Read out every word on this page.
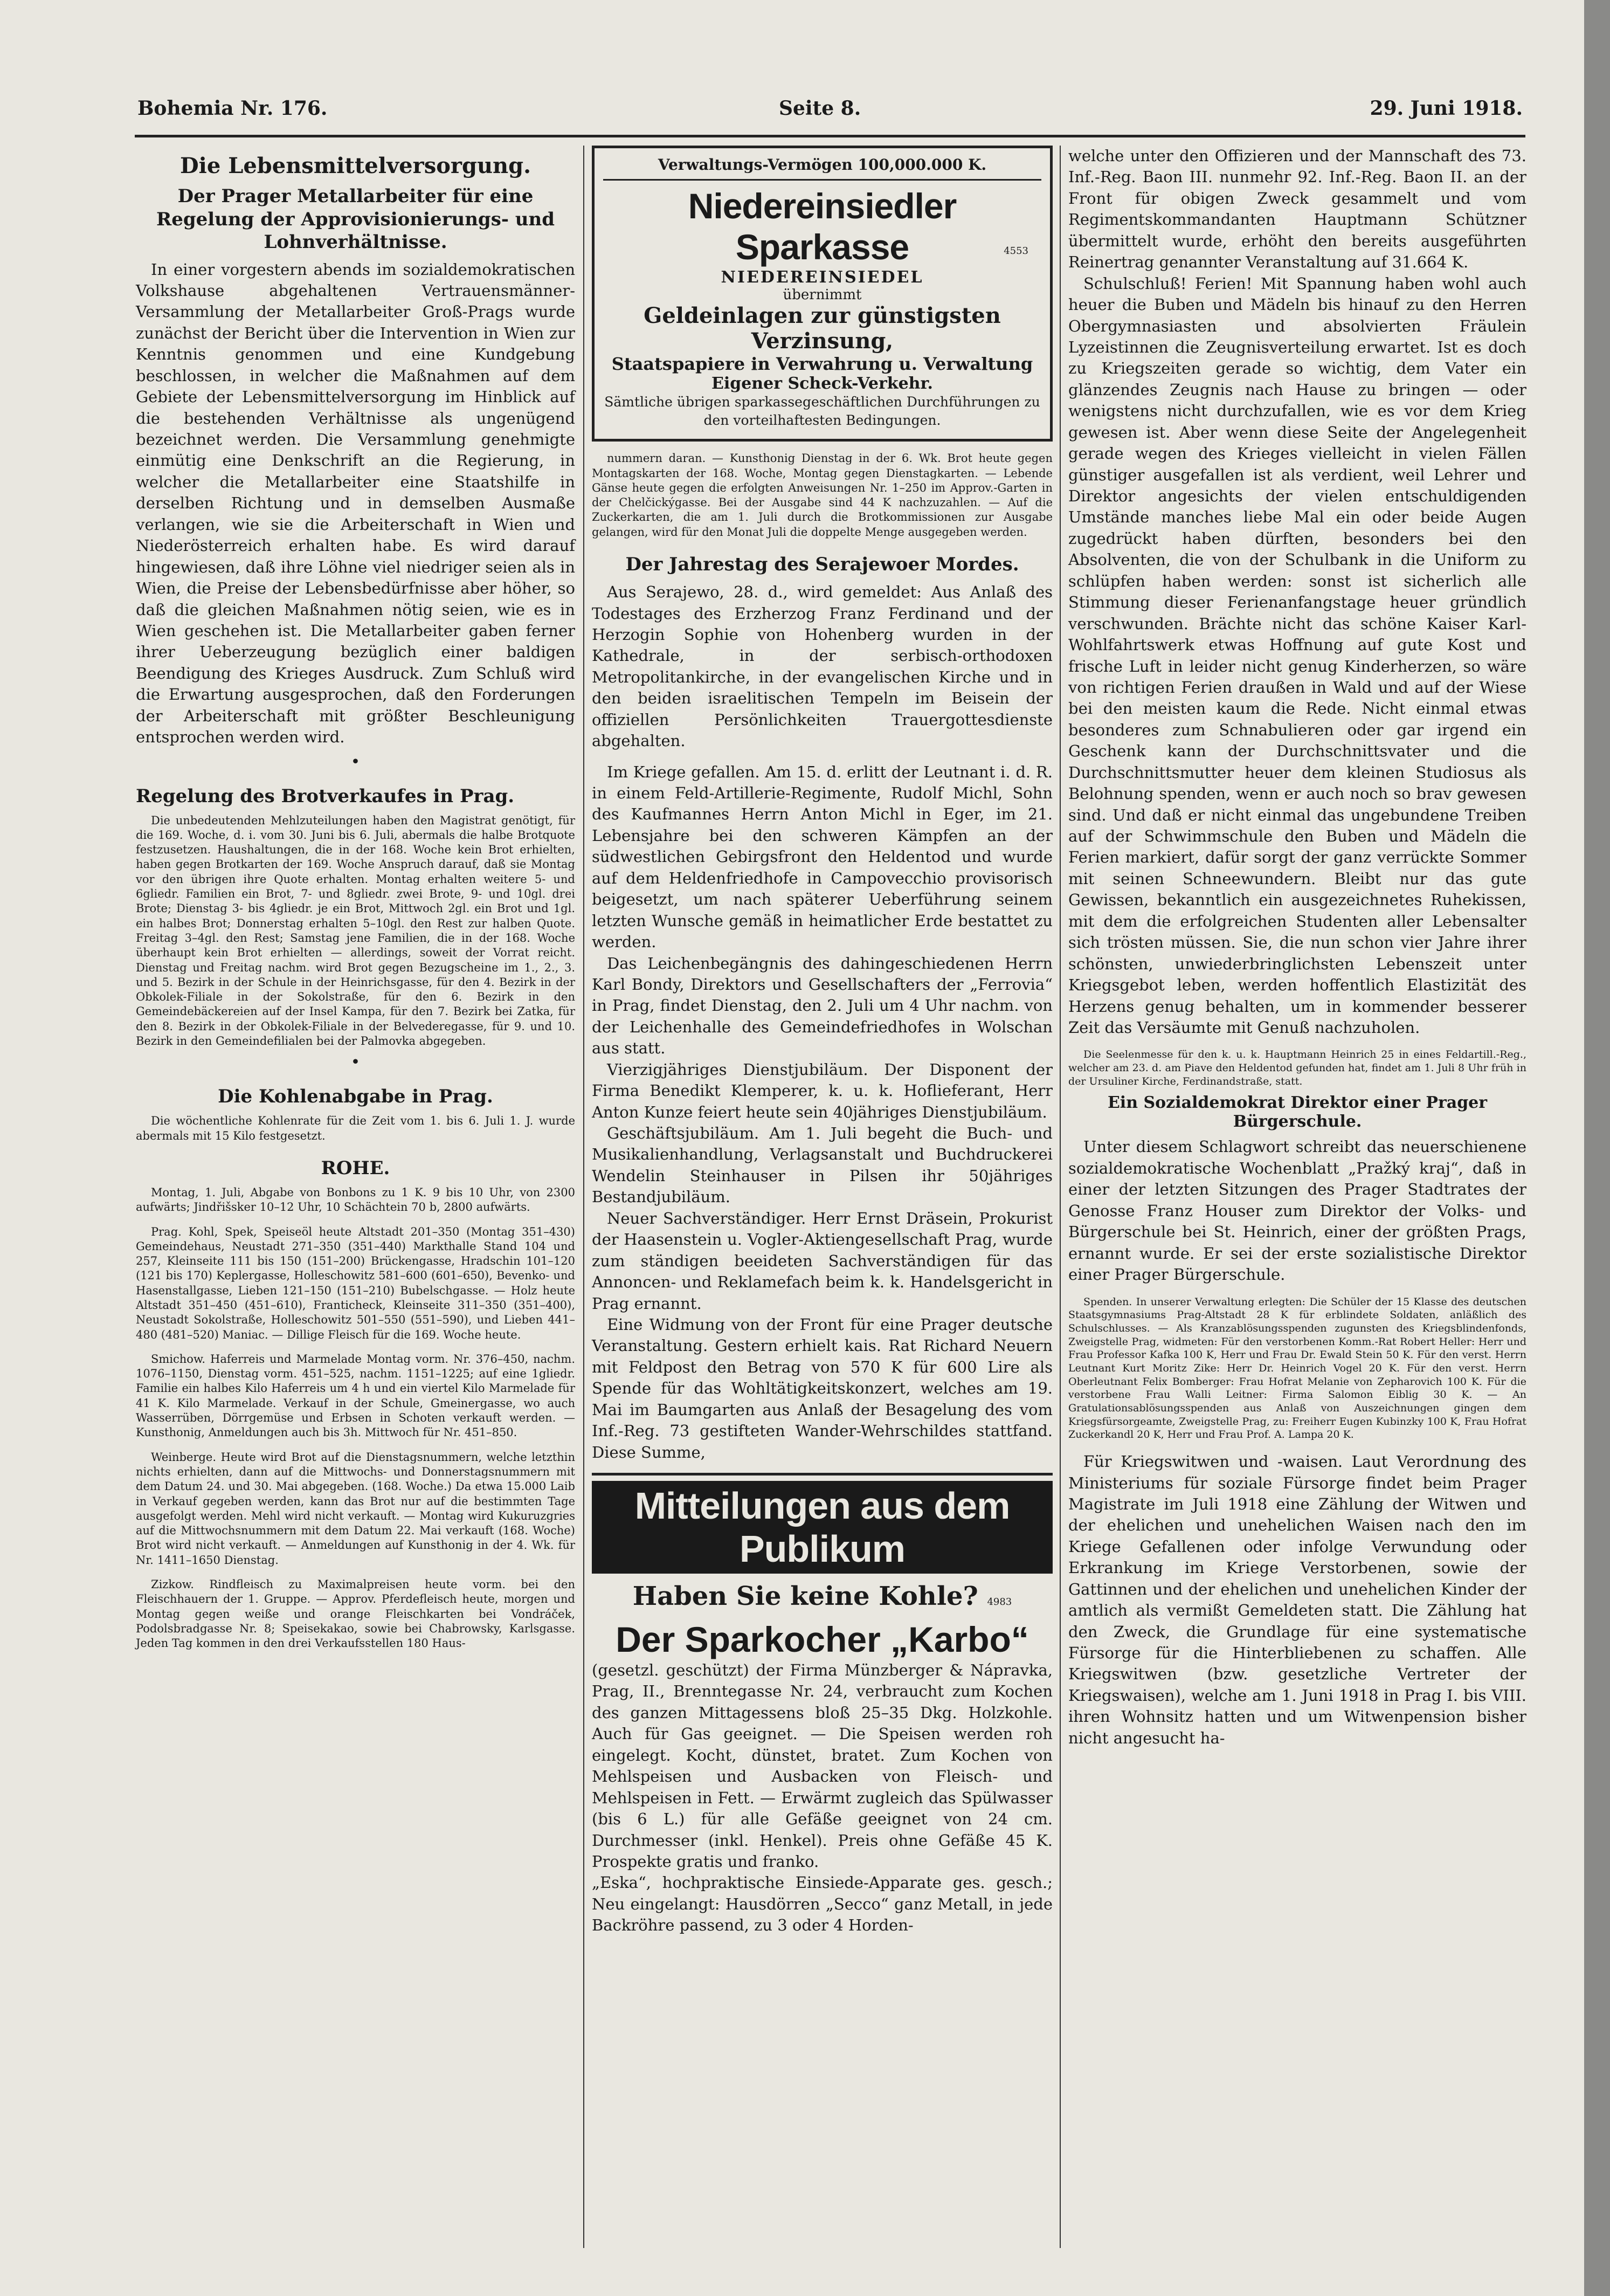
Bohemia Nr. 176.	Seite 8.	29. Juni 1918.
Die Lebensmittelversorgung.
Der Prager Metallarbeiter für eine Regelung der Approvisionierungs- und Lohnverhältnisse.

In einer vorgestern abends im sozialdemokratischen Volkshause abgehaltenen Vertrauensmänner-Versammlung der Metallarbeiter Groß-Prags wurde zunächst der Bericht über die Intervention in Wien zur Kenntnis genommen und eine Kundgebung beschlossen, in welcher die Maßnahmen auf dem Gebiete der Lebensmittelversorgung im Hinblick auf die bestehenden Verhältnisse als ungenügend bezeichnet werden. Die Versammlung genehmigte einmütig eine Denkschrift an die Regierung, in welcher die Metallarbeiter eine Staatshilfe in derselben Richtung und in demselben Ausmaße verlangen, wie sie die Arbeiterschaft in Wien und Niederösterreich erhalten habe. Es wird darauf hingewiesen, daß ihre Löhne viel niedriger seien als in Wien, die Preise der Lebensbedürfnisse aber höher, so daß die gleichen Maßnahmen nötig seien, wie es in Wien geschehen ist. Die Metallarbeiter gaben ferner ihrer Ueberzeugung bezüglich einer baldigen Beendigung des Krieges Ausdruck. Zum Schluß wird die Erwartung ausgesprochen, daß den Forderungen der Arbeiterschaft mit größter Beschleunigung entsprochen werden wird.

•
Regelung des Brotverkaufes in Prag.

Die unbedeutenden Mehlzuteilungen haben den Magistrat genötigt, für die 169. Woche, d. i. vom 30. Juni bis 6. Juli, abermals die halbe Brotquote festzusetzen. Haushaltungen, die in der 168. Woche kein Brot erhielten, haben gegen Brotkarten der 169. Woche Anspruch darauf, daß sie Montag vor den übrigen ihre Quote erhalten. Montag erhalten weitere 5- und 6gliedr. Familien ein Brot, 7- und 8gliedr. zwei Brote, 9- und 10gl. drei Brote; Dienstag 3- bis 4gliedr. je ein Brot, Mittwoch 2gl. ein Brot und 1gl. ein halbes Brot; Donnerstag erhalten 5–10gl. den Rest zur halben Quote. Freitag 3–4gl. den Rest; Samstag jene Familien, die in der 168. Woche überhaupt kein Brot erhielten — allerdings, soweit der Vorrat reicht. Dienstag und Freitag nachm. wird Brot gegen Bezugscheine im 1., 2., 3. und 5. Bezirk in der Schule in der Heinrichsgasse, für den 4. Bezirk in der Obkolek-Filiale in der Sokolstraße, für den 6. Bezirk in den Gemeindebäckereien auf der Insel Kampa, für den 7. Bezirk bei Zatka, für den 8. Bezirk in der Obkolek-Filiale in der Belvederegasse, für 9. und 10. Bezirk in den Gemeindefilialen bei der Palmovka abgegeben.

•
Die Kohlenabgabe in Prag.

Die wöchentliche Kohlenrate für die Zeit vom 1. bis 6. Juli 1. J. wurde abermals mit 15 Kilo festgesetzt.

ROHE.

Montag, 1. Juli, Abgabe von Bonbons zu 1 K. 9 bis 10 Uhr, von 2300 aufwärts; Jindřišsker 10–12 Uhr, 10 Schächtein 70 b, 2800 aufwärts.

Prag. Kohl, Spek, Speiseöl heute Altstadt 201–350 (Montag 351–430) Gemeindehaus, Neustadt 271–350 (351–440) Markthalle Stand 104 und 257, Kleinseite 111 bis 150 (151–200) Brückengasse, Hradschin 101–120 (121 bis 170) Keplergasse, Holleschowitz 581–600 (601–650), Bevenko- und Hasenstallgasse, Lieben 121–150 (151–210) Bubelschgasse. — Holz heute Altstadt 351–450 (451–610), Franticheck, Kleinseite 311–350 (351–400), Neustadt Sokolstraße, Holleschowitz 501–550 (551–590), und Lieben 441–480 (481–520) Maniac. — Dillige Fleisch für die 169. Woche heute.

Smichow. Haferreis und Marmelade Montag vorm. Nr. 376–450, nachm. 1076–1150, Dienstag vorm. 451–525, nachm. 1151–1225; auf eine 1gliedr. Familie ein halbes Kilo Haferreis um 4 h und ein viertel Kilo Marmelade für 41 K. Kilo Marmelade. Verkauf in der Schule, Gmeinergasse, wo auch Wasserrüben, Dörrgemüse und Erbsen in Schoten verkauft werden. — Kunsthonig, Anmeldungen auch bis 3h. Mittwoch für Nr. 451–850.

Weinberge. Heute wird Brot auf die Dienstagsnummern, welche letzthin nichts erhielten, dann auf die Mittwochs- und Donnerstagsnummern mit dem Datum 24. und 30. Mai abgegeben. (168. Woche.) Da etwa 15.000 Laib in Verkauf gegeben werden, kann das Brot nur auf die bestimmten Tage ausgefolgt werden. Mehl wird nicht verkauft. — Montag wird Kukuruzgries auf die Mittwochsnummern mit dem Datum 22. Mai verkauft (168. Woche) Brot wird nicht verkauft. — Anmeldungen auf Kunsthonig in der 4. Wk. für Nr. 1411–1650 Dienstag.

Zizkow. Rindfleisch zu Maximalpreisen heute vorm. bei den Fleischhauern der 1. Gruppe. — Approv. Pferdefleisch heute, morgen und Montag gegen weiße und orange Fleischkarten bei Vondráček, Podolsbradgasse Nr. 8; Speisekakao, sowie bei Chabrowsky, Karlsgasse. Jeden Tag kommen in den drei Verkaufsstellen 180 Haus-

Verwaltungs-Vermögen 100,000.000 K.
Niedereinsiedler Sparkasse
NIEDEREINSIEDEL
4553
übernimmt
Geldeinlagen zur günstigsten Verzinsung,
Staatspapiere in Verwahrung u. Verwaltung
Eigener Scheck-Verkehr.
Sämtliche übrigen sparkassegeschäftlichen Durchführungen zu den vorteilhaftesten Bedingungen.

nummern daran. — Kunsthonig Dienstag in der 6. Wk. Brot heute gegen Montagskarten der 168. Woche, Montag gegen Dienstagkarten. — Lebende Gänse heute gegen die erfolgten Anweisungen Nr. 1–250 im Approv.-Garten in der Chelčickýgasse. Bei der Ausgabe sind 44 K nachzuzahlen. — Auf die Zuckerkarten, die am 1. Juli durch die Brotkommissionen zur Ausgabe gelangen, wird für den Monat Juli die doppelte Menge ausgegeben werden.

Der Jahrestag des Serajewoer Mordes.

Aus Serajewo, 28. d., wird gemeldet: Aus Anlaß des Todestages des Erzherzog Franz Ferdinand und der Herzogin Sophie von Hohenberg wurden in der Kathedrale, in der serbisch-orthodoxen Metropolitankirche, in der evangelischen Kirche und in den beiden israelitischen Tempeln im Beisein der offiziellen Persönlichkeiten Trauergottesdienste abgehalten.

Im Kriege gefallen. Am 15. d. erlitt der Leutnant i. d. R. in einem Feld-Artillerie-Regimente, Rudolf Michl, Sohn des Kaufmannes Herrn Anton Michl in Eger, im 21. Lebensjahre bei den schweren Kämpfen an der südwestlichen Gebirgsfront den Heldentod und wurde auf dem Heldenfriedhofe in Campovecchio provisorisch beigesetzt, um nach späterer Ueberführung seinem letzten Wunsche gemäß in heimatlicher Erde bestattet zu werden.

Das Leichenbegängnis des dahingeschiedenen Herrn Karl Bondy, Direktors und Gesellschafters der „Ferrovia“ in Prag, findet Dienstag, den 2. Juli um 4 Uhr nachm. von der Leichenhalle des Gemeindefriedhofes in Wolschan aus statt.

Vierzigjähriges Dienstjubiläum. Der Disponent der Firma Benedikt Klemperer, k. u. k. Hoflieferant, Herr Anton Kunze feiert heute sein 40jähriges Dienstjubiläum.

Geschäftsjubiläum. Am 1. Juli begeht die Buch- und Musikalienhandlung, Verlagsanstalt und Buchdruckerei Wendelin Steinhauser in Pilsen ihr 50jähriges Bestandjubiläum.

Neuer Sachverständiger. Herr Ernst Dräsein, Prokurist der Haasenstein u. Vogler-Aktiengesellschaft Prag, wurde zum ständigen beeideten Sachverständigen für das Annoncen- und Reklamefach beim k. k. Handelsgericht in Prag ernannt.

Eine Widmung von der Front für eine Prager deutsche Veranstaltung. Gestern erhielt kais. Rat Richard Neuern mit Feldpost den Betrag von 570 K für 600 Lire als Spende für das Wohltätigkeitskonzert, welches am 19. Mai im Baumgarten aus Anlaß der Besagelung des vom Inf.-Reg. 73 gestifteten Wander-Wehrschildes stattfand. Diese Summe,

Mitteilungen aus dem Publikum
Haben Sie keine Kohle? 4983
Der Sparkocher „Karbo“

(gesetzl. geschützt) der Firma Münzberger & Nápravka, Prag, II., Brenntegasse Nr. 24, verbraucht zum Kochen des ganzen Mittagessens bloß 25–35 Dkg. Holzkohle. Auch für Gas geeignet. — Die Speisen werden roh eingelegt. Kocht, dünstet, bratet. Zum Kochen von Mehlspeisen und Ausbacken von Fleisch- und Mehlspeisen in Fett. — Erwärmt zugleich das Spülwasser (bis 6 L.) für alle Gefäße geeignet von 24 cm. Durchmesser (inkl. Henkel). Preis ohne Gefäße 45 K. Prospekte gratis und franko.

„Eska“, hochpraktische Einsiede-Apparate ges. gesch.; Neu eingelangt: Hausdörren „Secco“ ganz Metall, in jede Backröhre passend, zu 3 oder 4 Horden-

welche unter den Offizieren und der Mannschaft des 73. Inf.-Reg. Baon III. nunmehr 92. Inf.-Reg. Baon II. an der Front für obigen Zweck gesammelt und vom Regimentskommandanten Hauptmann Schützner übermittelt wurde, erhöht den bereits ausgeführten Reinertrag genannter Veranstaltung auf 31.664 K.

Schulschluß! Ferien! Mit Spannung haben wohl auch heuer die Buben und Mädeln bis hinauf zu den Herren Obergymnasiasten und absolvierten Fräulein Lyzeistinnen die Zeugnisverteilung erwartet. Ist es doch zu Kriegszeiten gerade so wichtig, dem Vater ein glänzendes Zeugnis nach Hause zu bringen — oder wenigstens nicht durchzufallen, wie es vor dem Krieg gewesen ist. Aber wenn diese Seite der Angelegenheit gerade wegen des Krieges vielleicht in vielen Fällen günstiger ausgefallen ist als verdient, weil Lehrer und Direktor angesichts der vielen entschuldigenden Umstände manches liebe Mal ein oder beide Augen zugedrückt haben dürften, besonders bei den Absolventen, die von der Schulbank in die Uniform zu schlüpfen haben werden: sonst ist sicherlich alle Stimmung dieser Ferienanfangstage heuer gründlich verschwunden. Brächte nicht das schöne Kaiser Karl-Wohlfahrtswerk etwas Hoffnung auf gute Kost und frische Luft in leider nicht genug Kinderherzen, so wäre von richtigen Ferien draußen in Wald und auf der Wiese bei den meisten kaum die Rede. Nicht einmal etwas besonderes zum Schnabulieren oder gar irgend ein Geschenk kann der Durchschnittsvater und die Durchschnittsmutter heuer dem kleinen Studiosus als Belohnung spenden, wenn er auch noch so brav gewesen sind. Und daß er nicht einmal das ungebundene Treiben auf der Schwimmschule den Buben und Mädeln die Ferien markiert, dafür sorgt der ganz verrückte Sommer mit seinen Schneewundern. Bleibt nur das gute Gewissen, bekanntlich ein ausgezeichnetes Ruhekissen, mit dem die erfolgreichen Studenten aller Lebensalter sich trösten müssen. Sie, die nun schon vier Jahre ihrer schönsten, unwiederbringlichsten Lebenszeit unter Kriegsgebot leben, werden hoffentlich Elastizität des Herzens genug behalten, um in kommender besserer Zeit das Versäumte mit Genuß nachzuholen.

Die Seelenmesse für den k. u. k. Hauptmann Heinrich 25 in eines Feldartill.-Reg., welcher am 23. d. am Piave den Heldentod gefunden hat, findet am 1. Juli 8 Uhr früh in der Ursuliner Kirche, Ferdinandstraße, statt.

Ein Sozialdemokrat Direktor einer Prager Bürgerschule.

Unter diesem Schlagwort schreibt das neuerschienene sozialdemokratische Wochenblatt „Pražký kraj“, daß in einer der letzten Sitzungen des Prager Stadtrates der Genosse Franz Houser zum Direktor der Volks- und Bürgerschule bei St. Heinrich, einer der größten Prags, ernannt wurde. Er sei der erste sozialistische Direktor einer Prager Bürgerschule.

Spenden. In unserer Verwaltung erlegten: Die Schüler der 15 Klasse des deutschen Staatsgymnasiums Prag-Altstadt 28 K für erblindete Soldaten, anläßlich des Schulschlusses. — Als Kranzablösungsspenden zugunsten des Kriegsblindenfonds, Zweigstelle Prag, widmeten: Für den verstorbenen Komm.-Rat Robert Heller: Herr und Frau Professor Kafka 100 K, Herr und Frau Dr. Ewald Stein 50 K. Für den verst. Herrn Leutnant Kurt Moritz Zike: Herr Dr. Heinrich Vogel 20 K. Für den verst. Herrn Oberleutnant Felix Bomberger: Frau Hofrat Melanie von Zepharovich 100 K. Für die verstorbene Frau Walli Leitner: Firma Salomon Eiblig 30 K. — An Gratulationsablösungsspenden aus Anlaß von Auszeichnungen gingen dem Kriegsfürsorgeamte, Zweigstelle Prag, zu: Freiherr Eugen Kubinzky 100 K, Frau Hofrat Zuckerkandl 20 K, Herr und Frau Prof. A. Lampa 20 K.

Für Kriegswitwen und -waisen. Laut Verordnung des Ministeriums für soziale Fürsorge findet beim Prager Magistrate im Juli 1918 eine Zählung der Witwen und der ehelichen und unehelichen Waisen nach den im Kriege Gefallenen oder infolge Verwundung oder Erkrankung im Kriege Verstorbenen, sowie der Gattinnen und der ehelichen und unehelichen Kinder der amtlich als vermißt Gemeldeten statt. Die Zählung hat den Zweck, die Grundlage für eine systematische Fürsorge für die Hinterbliebenen zu schaffen. Alle Kriegswitwen (bzw. gesetzliche Vertreter der Kriegswaisen), welche am 1. Juni 1918 in Prag I. bis VIII. ihren Wohnsitz hatten und um Witwenpension bisher nicht angesucht ha-
